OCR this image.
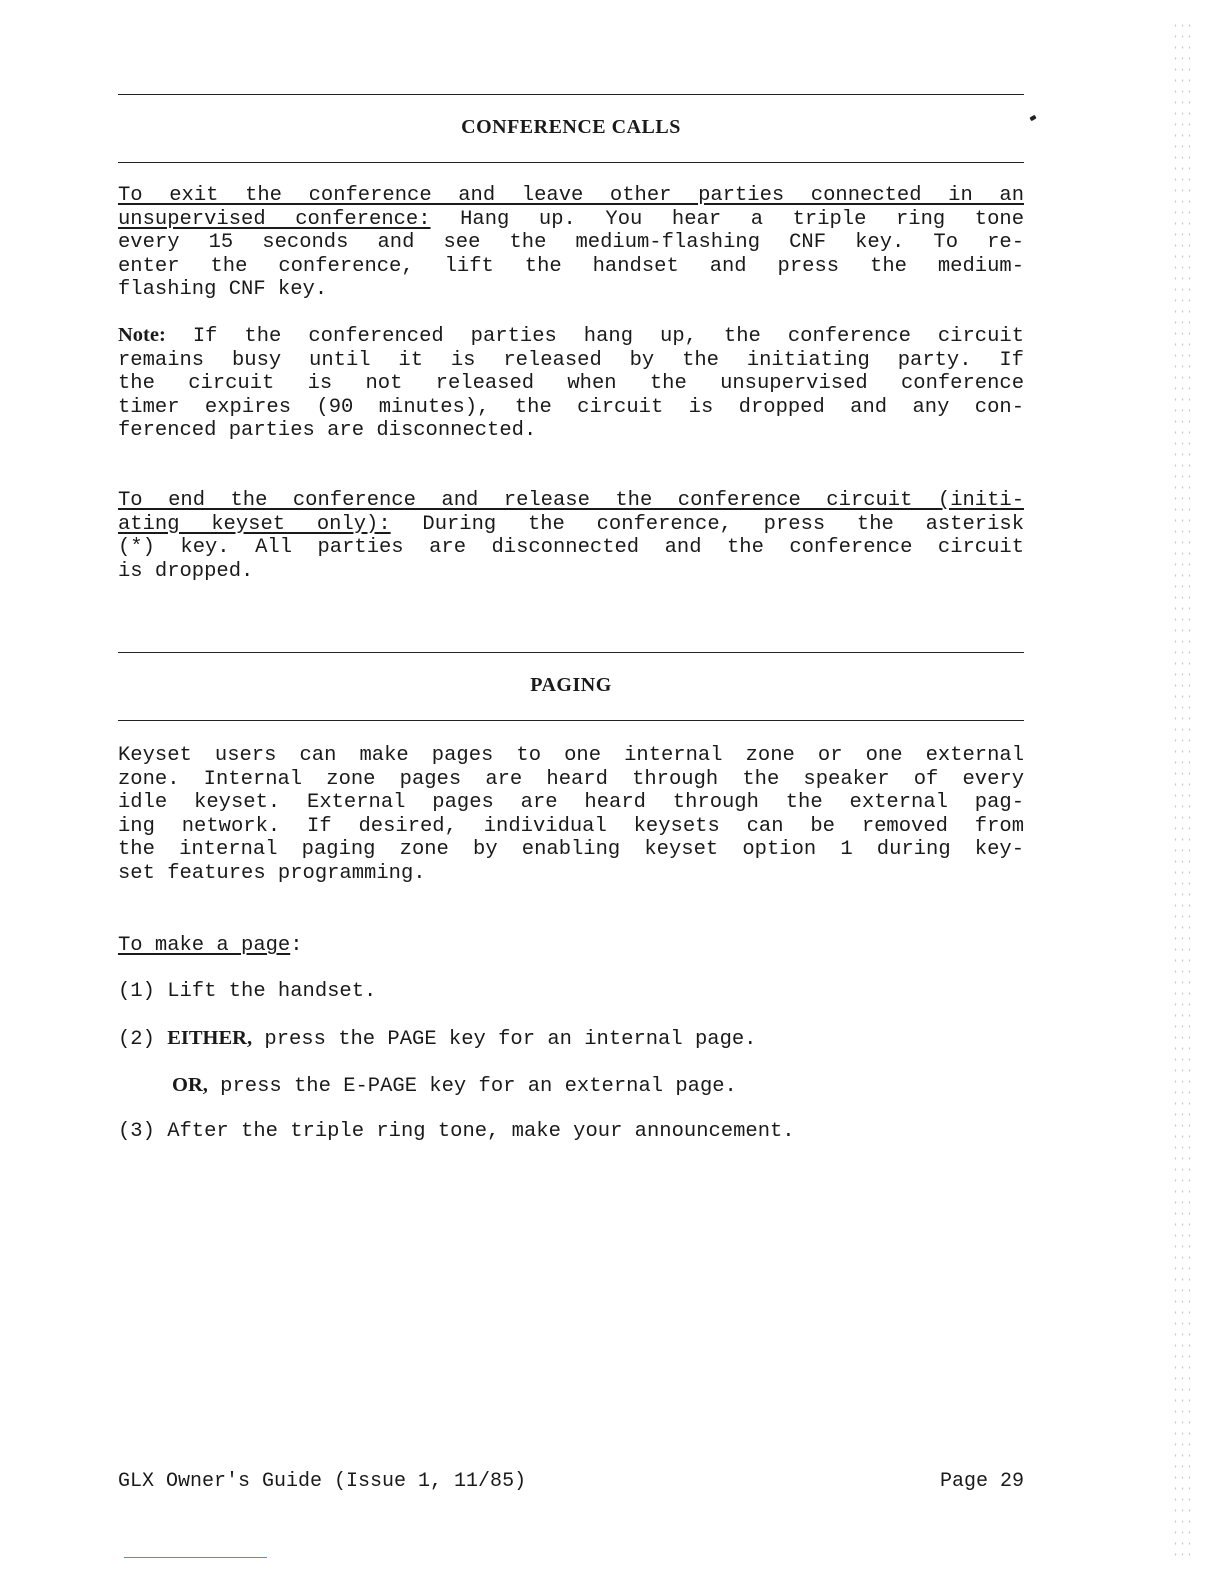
CONFERENCE CALLS
To exit the conference and leave other parties connected in an
unsupervised conference: Hang up. You hear a triple ring tone
every 15 seconds and see the medium-flashing CNF key. To re-
enter the conference, lift the handset and press the medium-
flashing CNF key.
Note: If the conferenced parties hang up, the conference circuit
remains busy until it is released by the initiating party. If
the circuit is not released when the unsupervised conference
timer expires (90 minutes), the circuit is dropped and any con-
ferenced parties are disconnected.
To end the conference and release the conference circuit (initi-
ating keyset only): During the conference, press the asterisk
(*) key. All parties are disconnected and the conference circuit
is dropped.
PAGING
Keyset users can make pages to one internal zone or one external
zone. Internal zone pages are heard through the speaker of every
idle keyset. External pages are heard through the external pag-
ing network. If desired, individual keysets can be removed from
the internal paging zone by enabling keyset option 1 during key-
set features programming.
To make a page:
(1) Lift the handset.
(2) EITHER, press the PAGE key for an internal page.
OR, press the E-PAGE key for an external page.
(3) After the triple ring tone, make your announcement.
GLX Owner's Guide (Issue 1, 11/85)	Page 29
